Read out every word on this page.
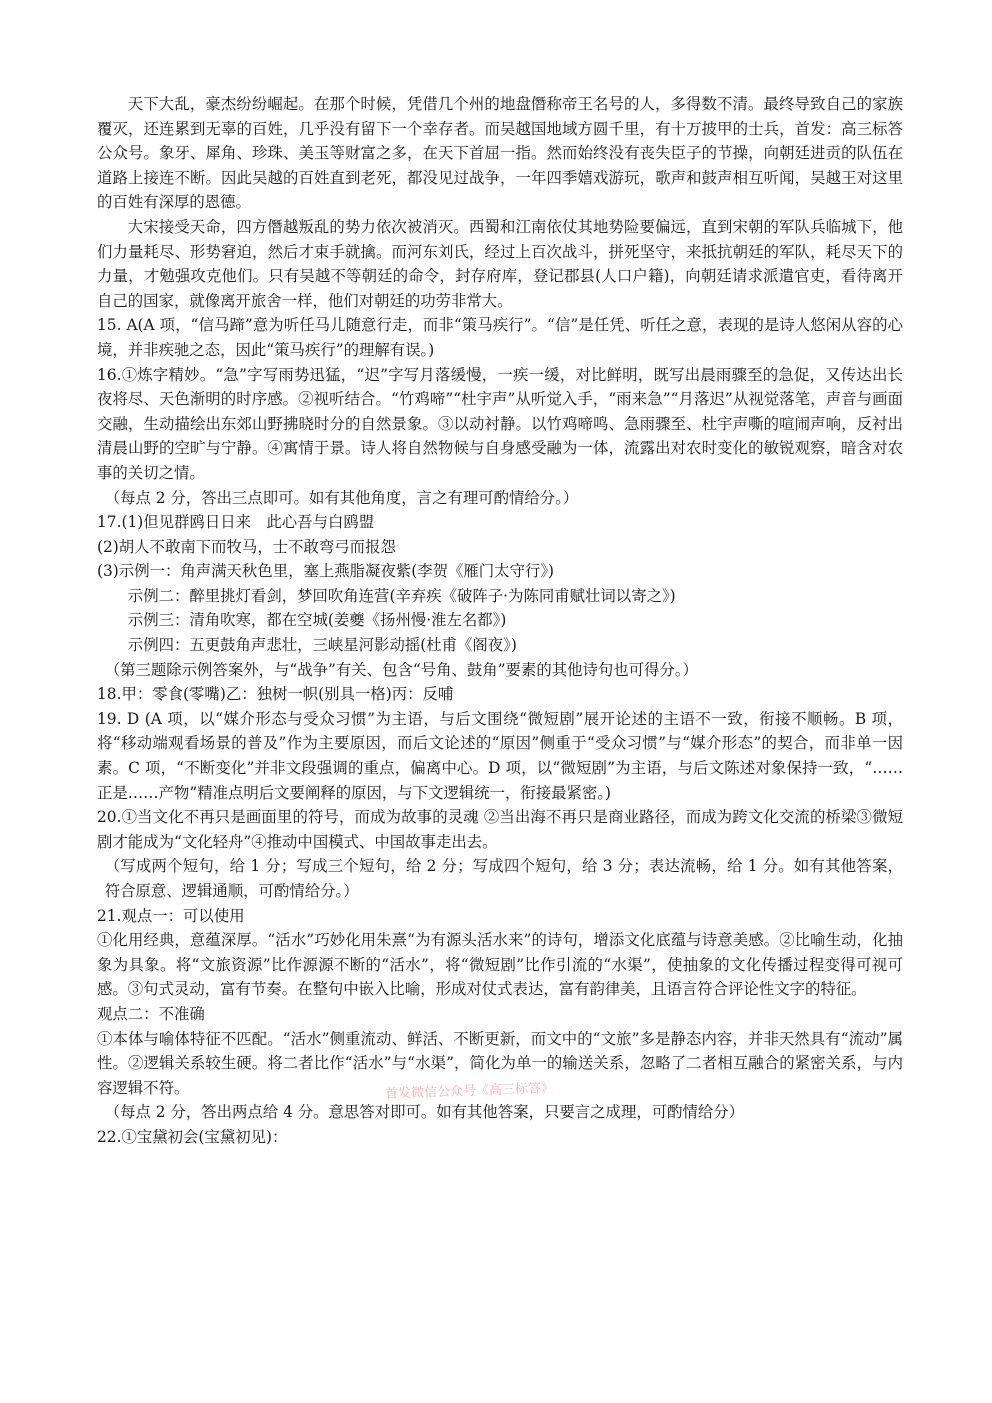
天下大乱，豪杰纷纷崛起。在那个时候，凭借几个州的地盘僭称帝王名号的人，多得数不清。最终导致自己的家族覆灭，还连累到无辜的百姓，几乎没有留下一个幸存者。而吴越国地域方圆千里，有十万披甲的士兵，首发：高三标答公众号。象牙、犀角、珍珠、美玉等财富之多，在天下首屈一指。然而始终没有丧失臣子的节操，向朝廷进贡的队伍在道路上接连不断。因此吴越的百姓直到老死，都没见过战争，一年四季嬉戏游玩，歌声和鼓声相互听闻，吴越王对这里的百姓有深厚的恩德。

大宋接受天命，四方僭越叛乱的势力依次被消灭。西蜀和江南依仗其地势险要偏远，直到宋朝的军队兵临城下，他们力量耗尽、形势窘迫，然后才束手就擒。而河东刘氏，经过上百次战斗，拼死坚守，来抵抗朝廷的军队，耗尽天下的力量，才勉强攻克他们。只有吴越不等朝廷的命令，封存府库，登记郡县(人口户籍)，向朝廷请求派遣官吏，看待离开自己的国家，就像离开旅舍一样，他们对朝廷的功劳非常大。

15. A(A 项，“信马蹄”意为听任马儿随意行走，而非“策马疾行”。“信”是任凭、听任之意，表现的是诗人悠闲从容的心境，并非疾驰之态，因此“策马疾行”的理解有误。)

16.①炼字精妙。“急”字写雨势迅猛，“迟”字写月落缓慢，一疾一缓，对比鲜明，既写出晨雨骤至的急促，又传达出长夜将尽、天色渐明的时序感。②视听结合。“竹鸡啼”“杜宇声”从听觉入手，“雨来急”“月落迟”从视觉落笔，声音与画面交融，生动描绘出东郊山野拂晓时分的自然景象。③以动衬静。以竹鸡啼鸣、急雨骤至、杜宇声嘶的喧闹声响，反衬出清晨山野的空旷与宁静。④寓情于景。诗人将自然物候与自身感受融为一体，流露出对农时变化的敏锐观察，暗含对农事的关切之情。

（每点 2 分，答出三点即可。如有其他角度，言之有理可酌情给分。）

17.(1)但见群鸥日日来　此心吾与白鸥盟

(2)胡人不敢南下而牧马，士不敢弯弓而报怨

(3)示例一：角声满天秋色里，塞上燕脂凝夜紫(李贺《雁门太守行》)

示例二：醉里挑灯看剑，梦回吹角连营(辛弃疾《破阵子·为陈同甫赋壮词以寄之》)

示例三：清角吹寒，都在空城(姜夔《扬州慢·淮左名都》)

示例四：五更鼓角声悲壮，三峡星河影动摇(杜甫《阁夜》)

（第三题除示例答案外，与“战争”有关、包含“号角、鼓角”要素的其他诗句也可得分。）

18.甲：零食(零嘴)乙：独树一帜(别具一格)丙：反哺

19. D (A 项，以“媒介形态与受众习惯”为主语，与后文围绕“微短剧”展开论述的主语不一致，衔接不顺畅。B 项，将“移动端观看场景的普及”作为主要原因，而后文论述的“原因”侧重于“受众习惯”与“媒介形态”的契合，而非单一因素。C 项，“不断变化”并非文段强调的重点，偏离中心。D 项，以“微短剧”为主语，与后文陈述对象保持一致，“……正是……产物”精准点明后文要阐释的原因，与下文逻辑统一，衔接最紧密。)

20.①当文化不再只是画面里的符号，而成为故事的灵魂 ②当出海不再只是商业路径，而成为跨文化交流的桥梁③微短剧才能成为“文化轻舟”④推动中国模式、中国故事走出去。

（写成两个短句，给 1 分；写成三个短句，给 2 分；写成四个短句，给 3 分；表达流畅，给 1 分。如有其他答案，符合原意、逻辑通顺，可酌情给分。）

21.观点一：可以使用

①化用经典，意蕴深厚。“活水”巧妙化用朱熹“为有源头活水来”的诗句，增添文化底蕴与诗意美感。②比喻生动，化抽象为具象。将“文旅资源”比作源源不断的“活水”，将“微短剧”比作引流的“水渠”，使抽象的文化传播过程变得可视可感。③句式灵动，富有节奏。在整句中嵌入比喻，形成对仗式表达，富有韵律美，且语言符合评论性文字的特征。

观点二：不准确

①本体与喻体特征不匹配。“活水”侧重流动、鲜活、不断更新，而文中的“文旅”多是静态内容，并非天然具有“流动”属性。②逻辑关系较生硬。将二者比作“活水”与“水渠”，简化为单一的输送关系，忽略了二者相互融合的紧密关系，与内容逻辑不符。

（每点 2 分，答出两点给 4 分。意思答对即可。如有其他答案，只要言之成理，可酌情给分）

22.①宝黛初会(宝黛初见)：

首发微信公众号《高三标答》
